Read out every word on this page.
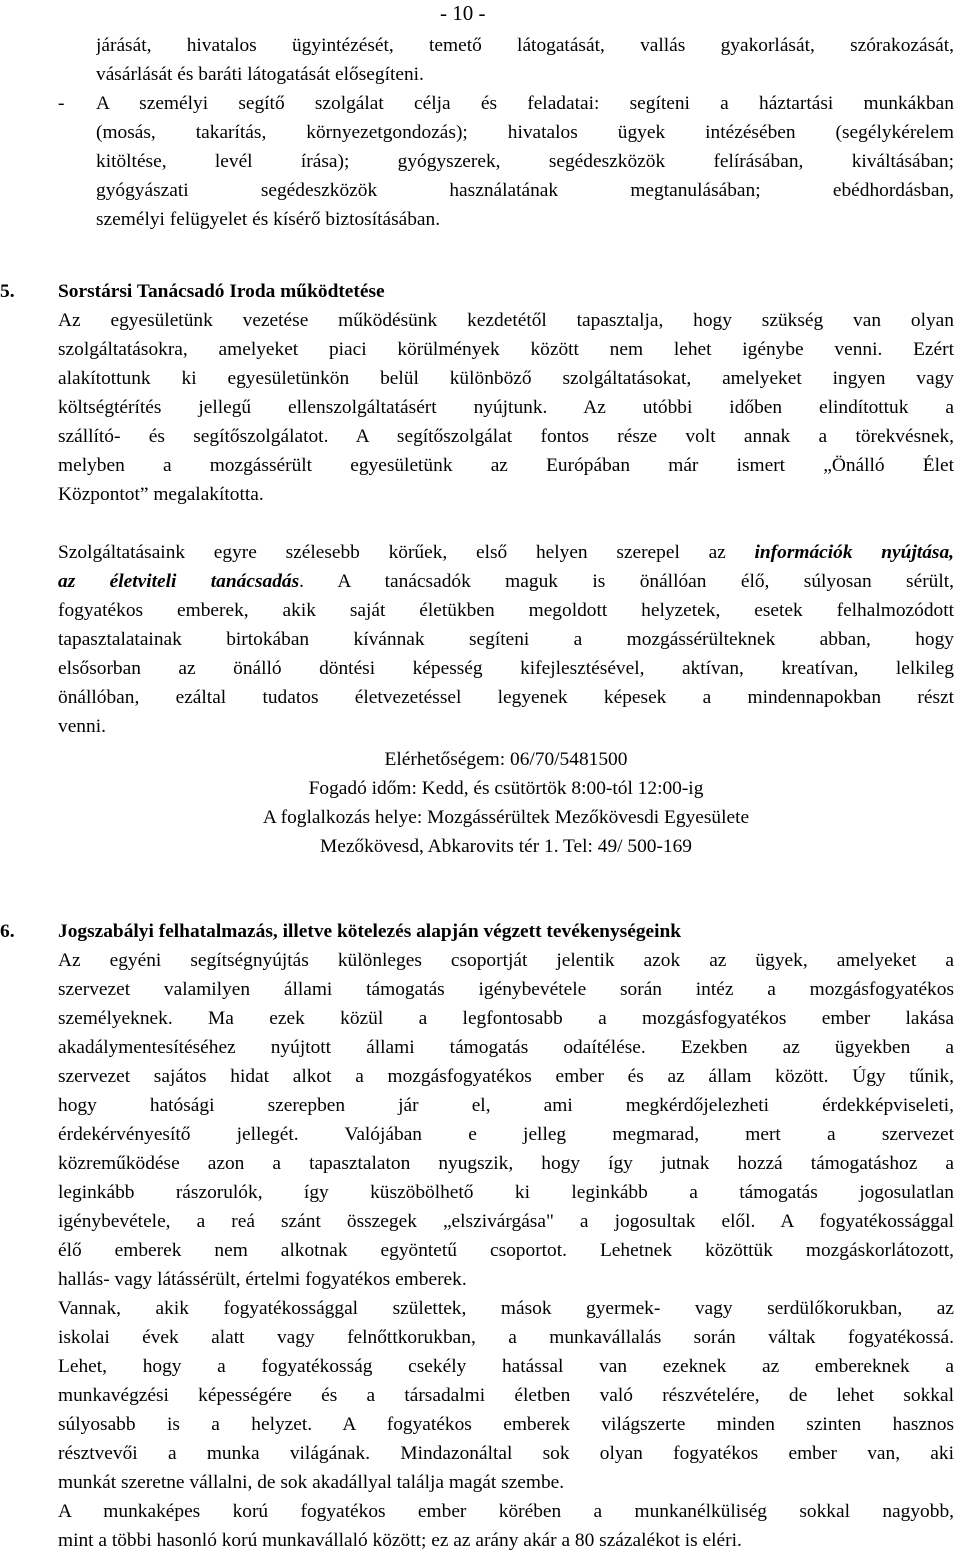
- 10 -
járását, hivatalos ügyintézését, temető látogatását, vallás gyakorlását, szórakozását,
vásárlását és baráti látogatását elősegíteni.
- A személyi segítő szolgálat célja és feladatai: segíteni a háztartási munkákban
(mosás, takarítás, környezetgondozás); hivatalos ügyek intézésében (segélykérelem
kitöltése, levél írása); gyógyszerek, segédeszközök felírásában, kiváltásában;
gyógyászati segédeszközök használatának megtanulásában; ebédhordásban,
személyi felügyelet és kísérő biztosításában.
5. Sorstársi Tanácsadó Iroda működtetése
Az egyesületünk vezetése működésünk kezdetétől tapasztalja, hogy szükség van olyan
szolgáltatásokra, amelyeket piaci körülmények között nem lehet igénybe venni. Ezért
alakítottunk ki egyesületünkön belül különböző szolgáltatásokat, amelyeket ingyen vagy
költségtérítés jellegű ellenszolgáltatásért nyújtunk. Az utóbbi időben elindítottuk a
szállító- és segítőszolgálatot. A segítőszolgálat fontos része volt annak a törekvésnek,
melyben a mozgássérült egyesületünk az Európában már ismert „Önálló Élet
Központot” megalakította.
Szolgáltatásaink egyre szélesebb körűek, első helyen szerepel az információk nyújtása,
az életviteli tanácsadás. A tanácsadók maguk is önállóan élő, súlyosan sérült,
fogyatékos emberek, akik saját életükben megoldott helyzetek, esetek felhalmozódott
tapasztalatainak birtokában kívánnak segíteni a mozgássérülteknek abban, hogy
elsősorban az önálló döntési képesség kifejlesztésével, aktívan, kreatívan, lelkileg
önállóban, ezáltal tudatos életvezetéssel legyenek képesek a mindennapokban részt
venni.
Elérhetőségem: 06/70/5481500
Fogadó időm: Kedd, és csütörtök 8:00-tól 12:00-ig
A foglalkozás helye: Mozgássérültek Mezőkövesdi Egyesülete
Mezőkövesd, Abkarovits tér 1. Tel: 49/ 500-169
6. Jogszabályi felhatalmazás, illetve kötelezés alapján végzett tevékenységeink
Az egyéni segítségnyújtás különleges csoportját jelentik azok az ügyek, amelyeket a
szervezet valamilyen állami támogatás igénybevétele során intéz a mozgásfogyatékos
személyeknek. Ma ezek közül a legfontosabb a mozgásfogyatékos ember lakása
akadálymentesítéséhez nyújtott állami támogatás odaítélése. Ezekben az ügyekben a
szervezet sajátos hidat alkot a mozgásfogyatékos ember és az állam között. Úgy tűnik,
hogy hatósági szerepben jár el, ami megkérdőjelezheti érdekképviseleti,
érdekérvényesítő jellegét. Valójában e jelleg megmarad, mert a szervezet
közreműködése azon a tapasztalaton nyugszik, hogy így jutnak hozzá támogatáshoz a
leginkább rászorulók, így küszöbölhető ki leginkább a támogatás jogosulatlan
igénybevétele, a reá szánt összegek „elszivárgása" a jogosultak elől. A fogyatékossággal
élő emberek nem alkotnak egyöntetű csoportot. Lehetnek közöttük mozgáskorlátozott,
hallás- vagy látássérült, értelmi fogyatékos emberek.
Vannak, akik fogyatékossággal születtek, mások gyermek- vagy serdülőkorukban, az
iskolai évek alatt vagy felnőttkorukban, a munkavállalás során váltak fogyatékossá.
Lehet, hogy a fogyatékosság csekély hatással van ezeknek az embereknek a
munkavégzési képességére és a társadalmi életben való részvételére, de lehet sokkal
súlyosabb is a helyzet. A fogyatékos emberek világszerte minden szinten hasznos
résztvevői a munka világának. Mindazonáltal sok olyan fogyatékos ember van, aki
munkát szeretne vállalni, de sok akadállyal találja magát szembe.
A munkaképes korú fogyatékos ember körében a munkanélküliség sokkal nagyobb,
mint a többi hasonló korú munkavállaló között; ez az arány akár a 80 százalékot is eléri.
